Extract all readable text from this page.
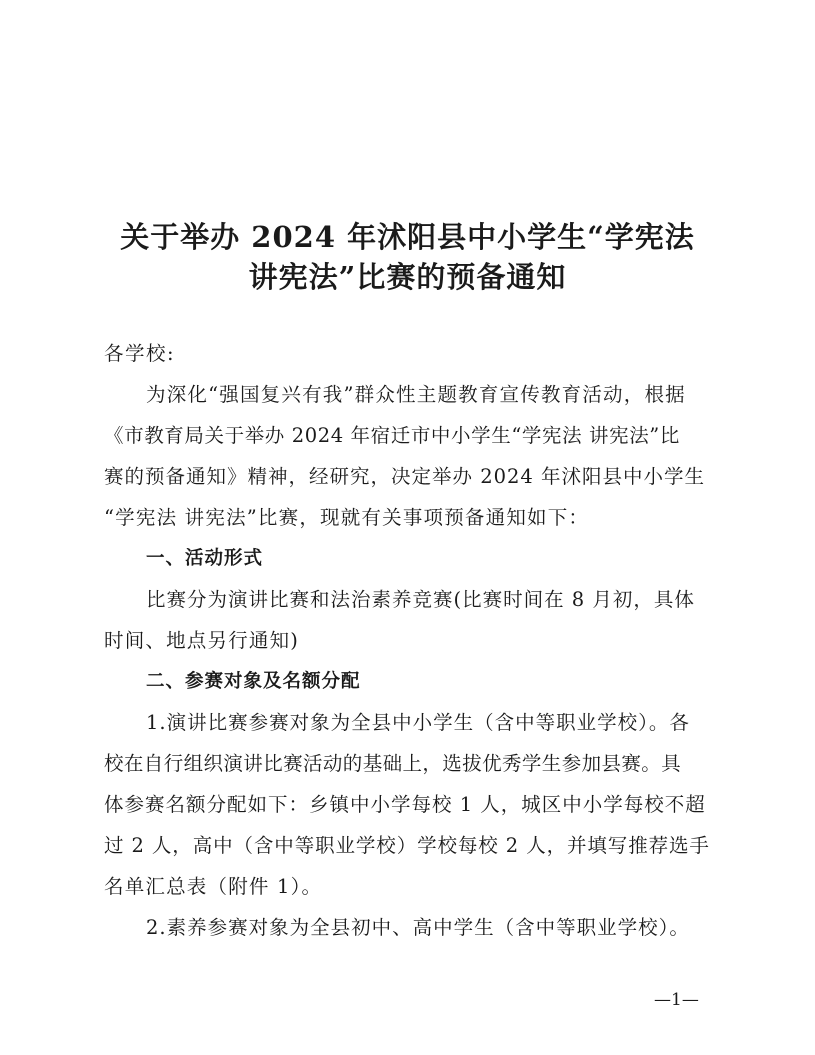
关于举办 2024 年沭阳县中小学生“学宪法
讲宪法”比赛的预备通知
各学校:
为深化“强国复兴有我”群众性主题教育宣传教育活动，根据
《市教育局关于举办 2024 年宿迁市中小学生“学宪法 讲宪法”比
赛的预备通知》精神，经研究，决定举办 2024 年沭阳县中小学生
“学宪法 讲宪法”比赛，现就有关事项预备通知如下：
一、活动形式
比赛分为演讲比赛和法治素养竞赛(比赛时间在 8 月初，具体
时间、地点另行通知)
二、参赛对象及名额分配
1.演讲比赛参赛对象为全县中小学生（含中等职业学校）。各
校在自行组织演讲比赛活动的基础上，选拔优秀学生参加县赛。具
体参赛名额分配如下：乡镇中小学每校 1 人，城区中小学每校不超
过 2 人，高中（含中等职业学校）学校每校 2 人，并填写推荐选手
名单汇总表（附件 1）。
2.素养参赛对象为全县初中、高中学生（含中等职业学校）。
—1—
